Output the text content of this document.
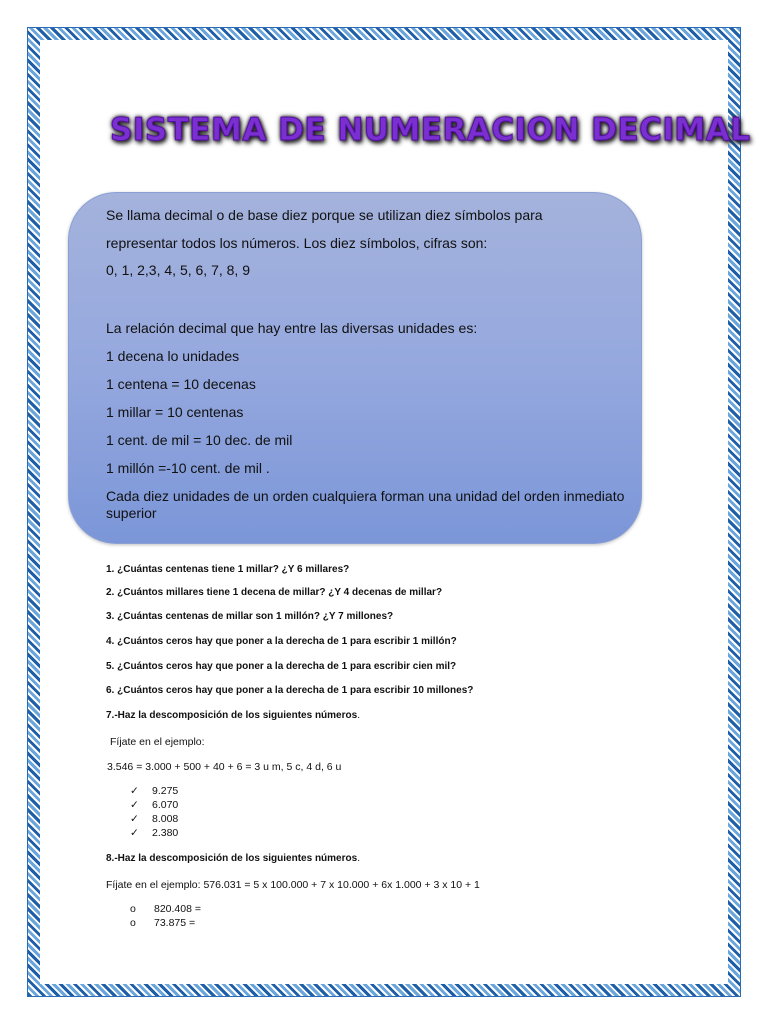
SISTEMA DE NUMERACION DECIMAL
Se llama decimal o de base diez porque se utilizan diez símbolos para
representar todos los números. Los diez símbolos, cifras son:
0, 1, 2,3, 4, 5, 6, 7, 8, 9
La relación decimal que hay entre las diversas unidades es:
1 decena lo unidades
1 centena = 10 decenas
1 millar = 10 centenas
1 cent. de mil = 10 dec. de mil
1 millón =-10 cent. de mil .
Cada diez unidades de un orden cualquiera forman una unidad del orden inmediato superior
1. ¿Cuántas centenas tiene 1 millar? ¿Y 6 millares?
2. ¿Cuántos millares tiene 1 decena de millar? ¿Y 4 decenas de millar?
3. ¿Cuántas centenas de millar son 1 millón? ¿Y 7 millones?
4. ¿Cuántos ceros hay que poner a la derecha de 1 para escribir 1 millón?
5. ¿Cuántos ceros hay que poner a la derecha de 1 para escribir cien mil?
6. ¿Cuántos ceros hay que poner a la derecha de 1 para escribir 10 millones?
7.-Haz la descomposición de los siguientes números.
Fíjate en el ejemplo:
3.546 = 3.000 + 500 + 40 + 6 = 3 u m, 5 c, 4 d, 6 u
✓ 9.275
✓ 6.070
✓ 8.008
✓ 2.380
8.-Haz la descomposición de los siguientes números.
Fíjate en el ejemplo: 576.031 = 5 x 100.000 + 7 x 10.000 + 6x 1.000 + 3 x 10 + 1
o 820.408 =
o 73.875 =
